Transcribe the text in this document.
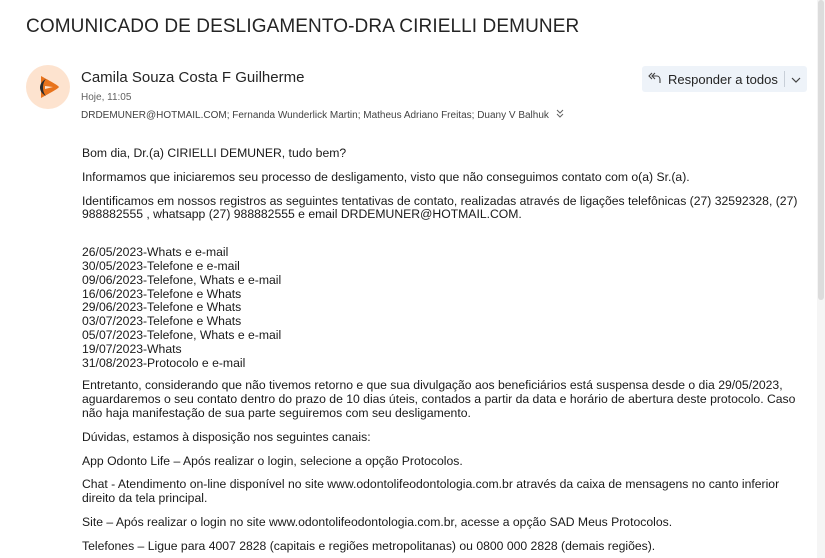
COMUNICADO DE DESLIGAMENTO-DRA CIRIELLI DEMUNER
Camila Souza Costa F Guilherme
Hoje, 11:05
DRDEMUNER@HOTMAIL.COM; Fernanda Wunderlick Martin; Matheus Adriano Freitas; Duany V Balhuk
Responder a todos

Bom dia, Dr.(a) CIRIELLI DEMUNER, tudo bem?

Informamos que iniciaremos seu processo de desligamento, visto que não conseguimos contato com o(a) Sr.(a).

Identificamos em nossos registros as seguintes tentativas de contato, realizadas através de ligações telefônicas (27) 32592328, (27) 988882555 , whatsapp (27) 988882555 e email DRDEMUNER@HOTMAIL.COM.

26/05/2023-Whats e e-mail
30/05/2023-Telefone e e-mail
09/06/2023-Telefone, Whats e e-mail
16/06/2023-Telefone e Whats
29/06/2023-Telefone e Whats
03/07/2023-Telefone e Whats
05/07/2023-Telefone, Whats e e-mail
19/07/2023-Whats
31/08/2023-Protocolo e e-mail

Entretanto, considerando que não tivemos retorno e que sua divulgação aos beneficiários está suspensa desde o dia 29/05/2023, aguardaremos o seu contato dentro do prazo de 10 dias úteis, contados a partir da data e horário de abertura deste protocolo. Caso não haja manifestação de sua parte seguiremos com seu desligamento.

Dúvidas, estamos à disposição nos seguintes canais:

App Odonto Life – Após realizar o login, selecione a opção Protocolos.

Chat - Atendimento on-line disponível no site www.odontolifeodontologia.com.br através da caixa de mensagens no canto inferior direito da tela principal.

Site – Após realizar o login no site www.odontolifeodontologia.com.br, acesse a opção SAD Meus Protocolos.

Telefones – Ligue para 4007 2828 (capitais e regiões metropolitanas) ou 0800 000 2828 (demais regiões).
